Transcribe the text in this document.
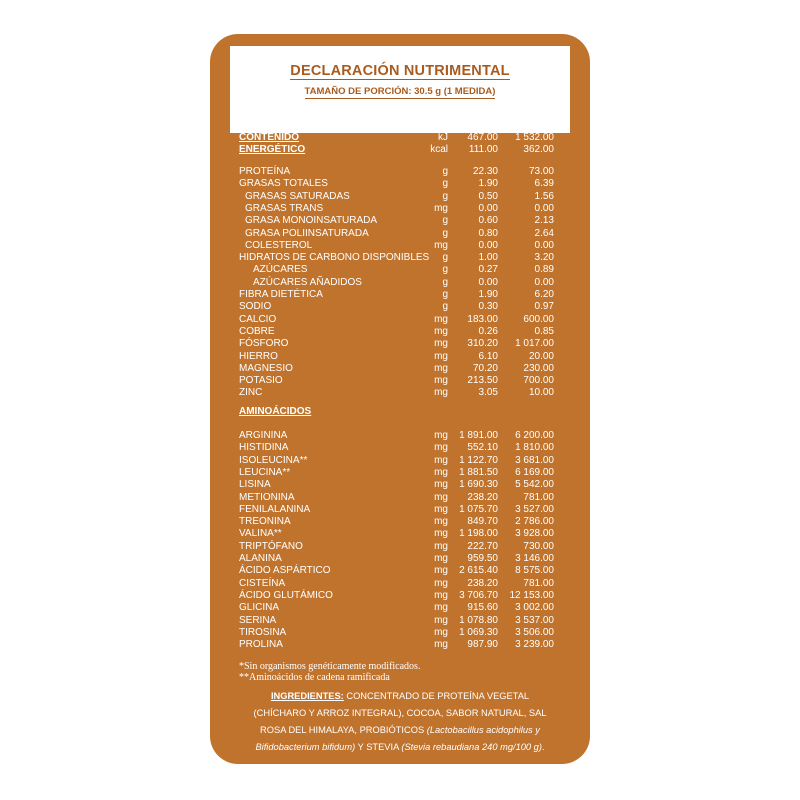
DECLARACIÓN NUTRIMENTAL
TAMAÑO DE PORCIÓN: 30.5 g (1 MEDIDA)
UNIDAD DE MEDIDA
POR PORCIÓN DE 30.5 g
POR 100 g DE PRODUCTO
CONTENIDO	kJ	467.00	1 532.00
ENERGÉTICO	kcal	111.00	362.00
PROTEÍNA	g	22.30	73.00
GRASAS TOTALES	g	1.90	6.39
GRASAS SATURADAS	g	0.50	1.56
GRASAS TRANS	mg	0.00	0.00
GRASA MONOINSATURADA	g	0.60	2.13
GRASA POLIINSATURADA	g	0.80	2.64
COLESTEROL	mg	0.00	0.00
HIDRATOS DE CARBONO DISPONIBLES	g	1.00	3.20
AZÚCARES	g	0.27	0.89
AZÚCARES AÑADIDOS	g	0.00	0.00
FIBRA DIETÉTICA	g	1.90	6.20
SODIO	g	0.30	0.97
CALCIO	mg	183.00	600.00
COBRE	mg	0.26	0.85
FÓSFORO	mg	310.20	1 017.00
HIERRO	mg	6.10	20.00
MAGNESIO	mg	70.20	230.00
POTASIO	mg	213.50	700.00
ZINC	mg	3.05	10.00
AMINOÁCIDOS
ARGININA	mg	1 891.00	6 200.00
HISTIDINA	mg	552.10	1 810.00
ISOLEUCINA**	mg	1 122.70	3 681.00
LEUCINA**	mg	1 881.50	6 169.00
LISINA	mg	1 690.30	5 542.00
METIONINA	mg	238.20	781.00
FENILALANINA	mg	1 075.70	3 527.00
TREONINA	mg	849.70	2 786.00
VALINA**	mg	1 198.00	3 928.00
TRIPTÓFANO	mg	222.70	730.00
ALANINA	mg	959.50	3 146.00
ÁCIDO ASPÁRTICO	mg	2 615.40	8 575.00
CISTEÍNA	mg	238.20	781.00
ÁCIDO GLUTÁMICO	mg	3 706.70	12 153.00
GLICINA	mg	915.60	3 002.00
SERINA	mg	1 078.80	3 537.00
TIROSINA	mg	1 069.30	3 506.00
PROLINA	mg	987.90	3 239.00
*Sin organismos genéticamente modificados.
**Aminoácidos de cadena ramificada
INGREDIENTES: CONCENTRADO DE PROTEÍNA VEGETAL
(CHÍCHARO Y ARROZ INTEGRAL), COCOA, SABOR NATURAL, SAL
ROSA DEL HIMALAYA, PROBIÓTICOS (Lactobacillus acidophilus y
Bifidobacterium bifidum) Y STEVIA (Stevia rebaudiana 240 mg/100 g).
